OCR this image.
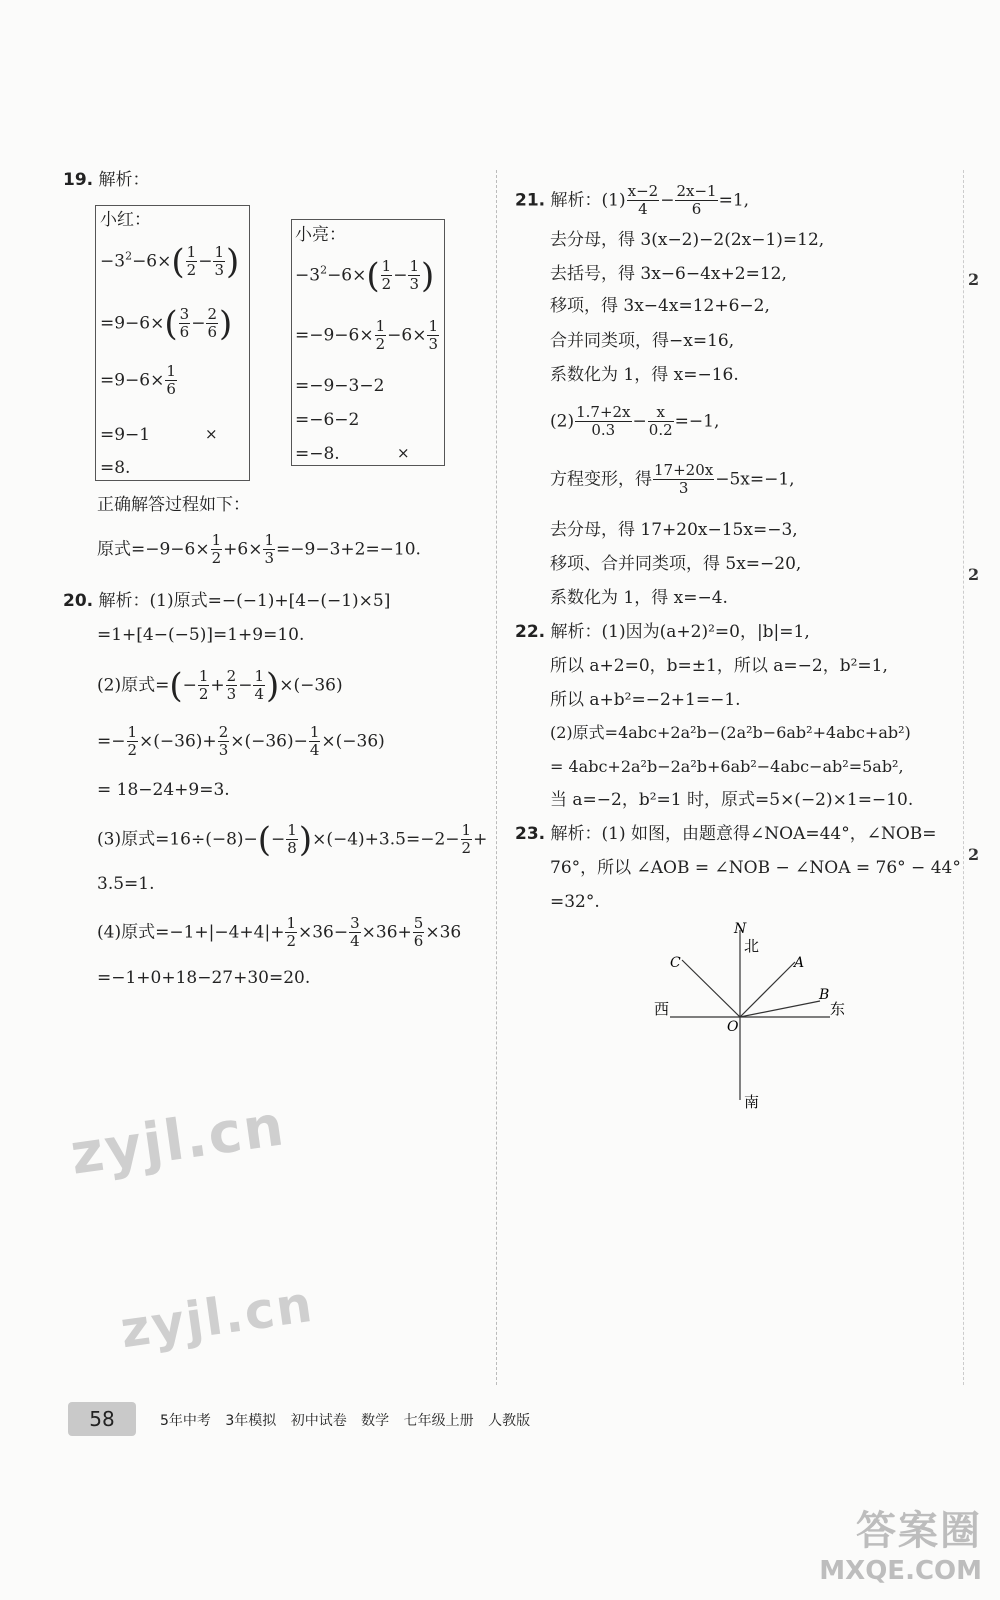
19. 解析：
小红：
$-3^2-6\times( \frac{1}{2} - \frac{1}{3}$ )
$=9-6\times( \frac{3}{6} - \frac{2}{6}$ )
$=9-6\times \frac{1}{6}$
=9−1	×
=8.
小亮：
$-3^2-6\times( \frac{1}{2} - \frac{1}{3}$ )
$=-9-6\times \frac{1}{2} -6\times \frac{1}{3}$
=−9−3−2
=−6−2
=−8.	×
正确解答过程如下：
原式$=-9-6\times \frac{1}{2} +6\times \frac{1}{3} =-9-3+2=-10$.
20. 解析：(1)原式=−(−1)+[4−(−1)×5]
=1+[4−(−5)]=1+9=10.
(2)原式=(− $\frac{1}{2} + \frac{2}{3} - \frac{1}{4} )\times(-36)$
=− $\frac{1}{2} \times(-36)+ \frac{2}{3} \times(-36)- \frac{1}{4} \times(-36)$
= 18−24+9=3.
(3)原式$=16\div(-8)-(- \frac{1}{8} )\times(-4)+3.5=-2- \frac{1}{2}$ +
3.5=1.
(4)原式$=-1+|-4+4|+ \frac{1}{2} \times 36- \frac{3}{4} \times 36+ \frac{5}{6} \times 36$
=−1+0+18−27+30=20.
zyjl.cn
zyjl.cn
21. 解析：$(1) \frac{x-2}{4} - \frac{2x-1}{6} =1$,
去分母，得 3(x−2)−2(2x−1)=12,
去括号，得 3x−6−4x+2=12,
移项，得 3x−4x=12+6−2,
合并同类项，得−x=16,
系数化为 1，得 x=−16.
$(2) \frac{1.7+2x}{0.3} - \frac{x}{0.2} =-1$,
方程变形，得 $\frac{17+20x}{3} -5x=-1$,
去分母，得 17+20x−15x=−3,
移项、合并同类项，得 5x=−20,
系数化为 1，得 x=−4.
22. 解析：(1)因为(a+2)²=0，|b|=1,
所以 a+2=0，b=±1，所以 a=−2，b²=1,
所以 a+b²=−2+1=−1.
(2)原式=4abc+2a²b−(2a²b−6ab²+4abc+ab²)
= 4abc+2a²b−2a²b+6ab²−4abc−ab²=5ab²,
当 a=−2，b²=1 时，原式=5×(−2)×1=−10.
23. 解析：(1) 如图，由题意得∠NOA=44°，∠NOB=
76°，所以 ∠AOB = ∠NOB − ∠NOA = 76° − 44°
=32°.
N
北
C	A
B
西	东
O
南
2
2
2
58	5年中考 3年模拟 初中试卷 数学 七年级上册 人教版
答案圈
MXQE.COM
